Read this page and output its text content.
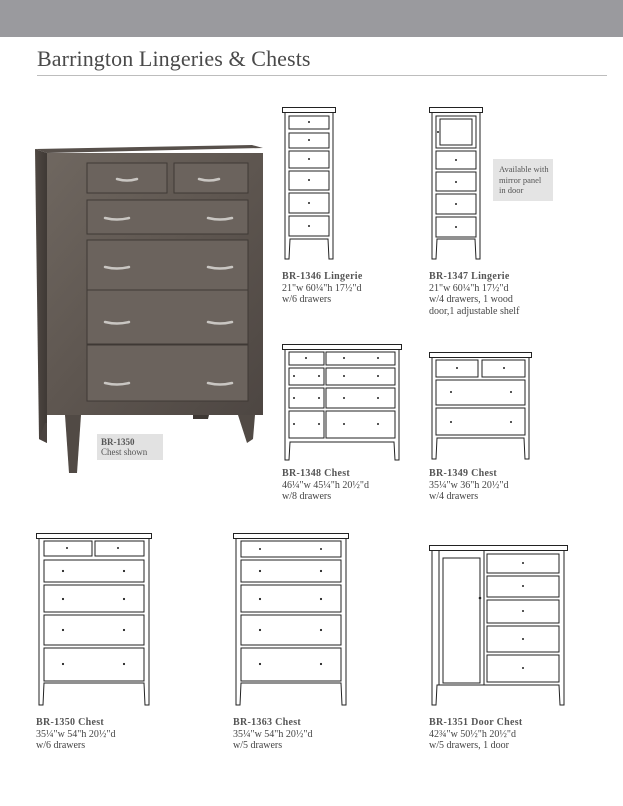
Barrington Lingeries & Chests
BR-1350
Chest shown
BR-1346 Lingerie
21"w 60¼"h 17½"d
w/6 drawers
Available with
mirror panel
in door
BR-1347 Lingerie
21"w 60¼"h 17½"d
w/4 drawers, 1 wood
door,1 adjustable shelf
BR-1348 Chest
46¼"w 45¼"h 20½"d
w/8 drawers
BR-1349 Chest
35¼"w 36"h 20½"d
w/4 drawers
BR-1350 Chest
35¼"w 54"h 20½"d
w/6 drawers
BR-1363 Chest
35¼"w 54"h 20½"d
w/5 drawers
BR-1351 Door Chest
42¾"w 50½"h 20½"d
w/5 drawers, 1 door
